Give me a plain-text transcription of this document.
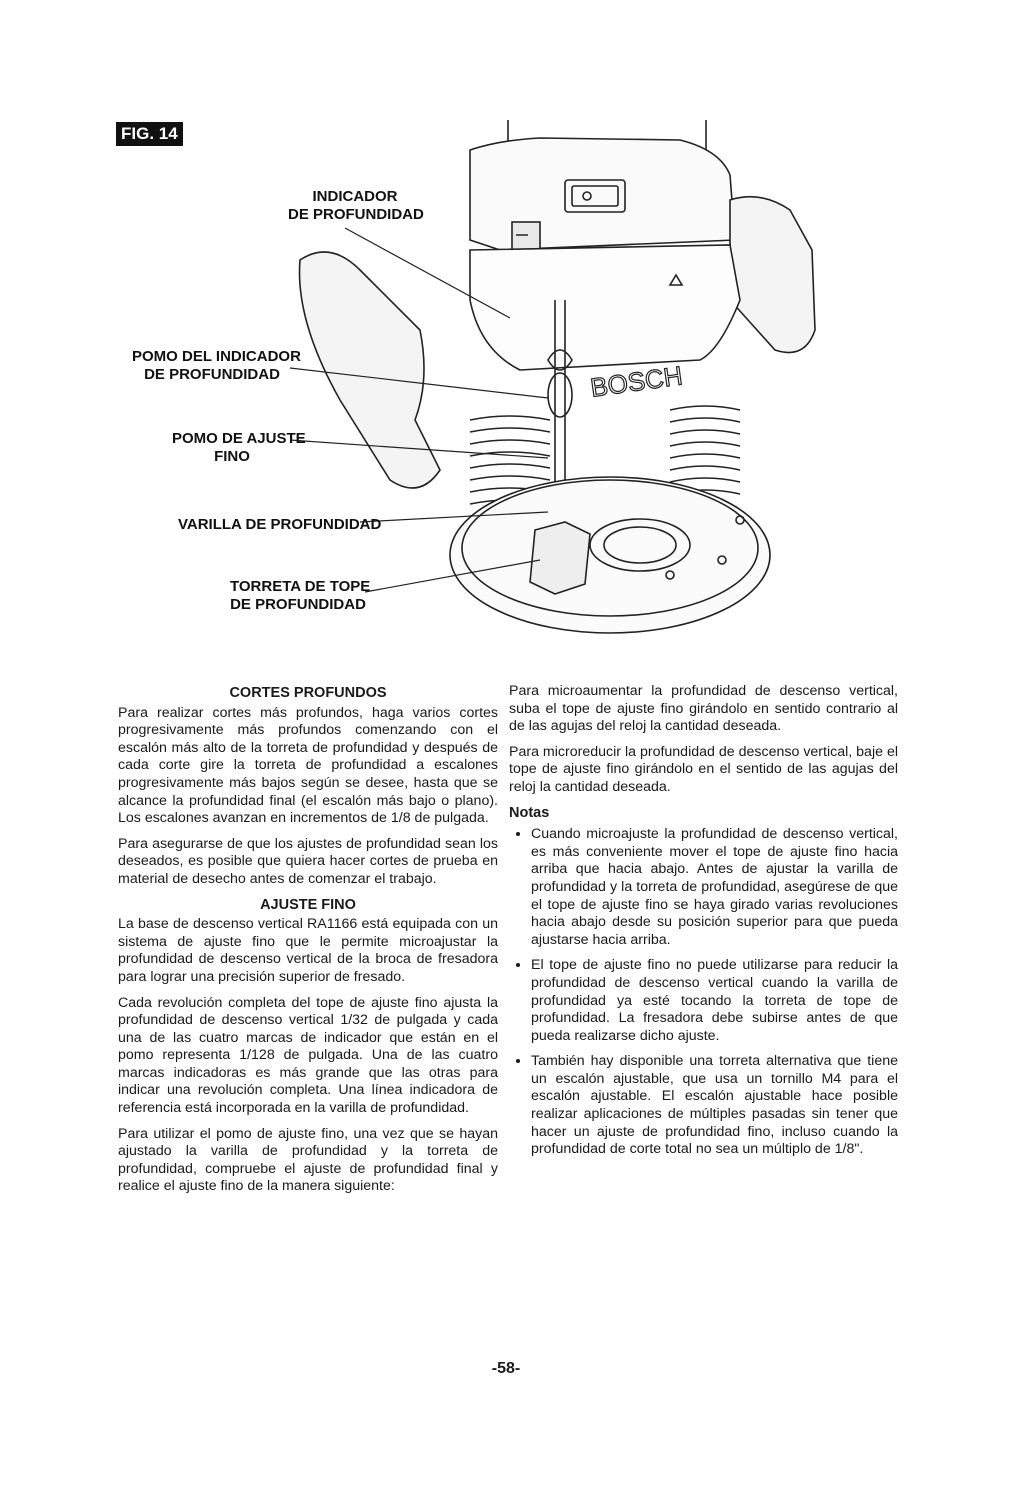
FIG. 14
BOSCH
INDICADOR
DE PROFUNDIDAD
POMO DEL INDICADOR
DE PROFUNDIDAD
POMO DE AJUSTE
FINO
VARILLA DE PROFUNDIDAD
TORRETA DE TOPE
DE PROFUNDIDAD
CORTES PROFUNDOS

Para realizar cortes más profundos, haga varios cortes progresivamente más profundos comenzando con el escalón más alto de la torreta de profundidad y después de cada corte gire la torreta de profundidad a escalones progresivamente más bajos según se desee, hasta que se alcance la profundidad final (el escalón más bajo o plano). Los escalones avanzan en incrementos de 1/8 de pulgada.

Para asegurarse de que los ajustes de profundidad sean los deseados, es posible que quiera hacer cortes de prueba en material de desecho antes de comenzar el trabajo.

AJUSTE FINO

La base de descenso vertical RA1166 está equipada con un sistema de ajuste fino que le permite microajustar la profundidad de descenso vertical de la broca de fresadora para lograr una precisión superior de fresado.

Cada revolución completa del tope de ajuste fino ajusta la profundidad de descenso vertical 1/32 de pulgada y cada una de las cuatro marcas de indicador que están en el pomo representa 1/128 de pulgada. Una de las cuatro marcas indicadoras es más grande que las otras para indicar una revolución completa. Una línea indicadora de referencia está incorporada en la varilla de profundidad.

Para utilizar el pomo de ajuste fino, una vez que se hayan ajustado la varilla de profundidad y la torreta de profundidad, compruebe el ajuste de profundidad final y realice el ajuste fino de la manera siguiente:

Para microaumentar la profundidad de descenso vertical, suba el tope de ajuste fino girándolo en sentido contrario al de las agujas del reloj la cantidad deseada.

Para microreducir la profundidad de descenso vertical, baje el tope de ajuste fino girándolo en el sentido de las agujas del reloj la cantidad deseada.

Notas
• Cuando microajuste la profundidad de descenso vertical, es más conveniente mover el tope de ajuste fino hacia arriba que hacia abajo. Antes de ajustar la varilla de profundidad y la torreta de profundidad, asegúrese de que el tope de ajuste fino se haya girado varias revoluciones hacia abajo desde su posición superior para que pueda ajustarse hacia arriba.
• El tope de ajuste fino no puede utilizarse para reducir la profundidad de descenso vertical cuando la varilla de profundidad ya esté tocando la torreta de tope de profundidad. La fresadora debe subirse antes de que pueda realizarse dicho ajuste.
• También hay disponible una torreta alternativa que tiene un escalón ajustable, que usa un tornillo M4 para el escalón ajustable. El escalón ajustable hace posible realizar aplicaciones de múltiples pasadas sin tener que hacer un ajuste de profundidad fino, incluso cuando la profundidad de corte total no sea un múltiplo de 1/8".
-58-
